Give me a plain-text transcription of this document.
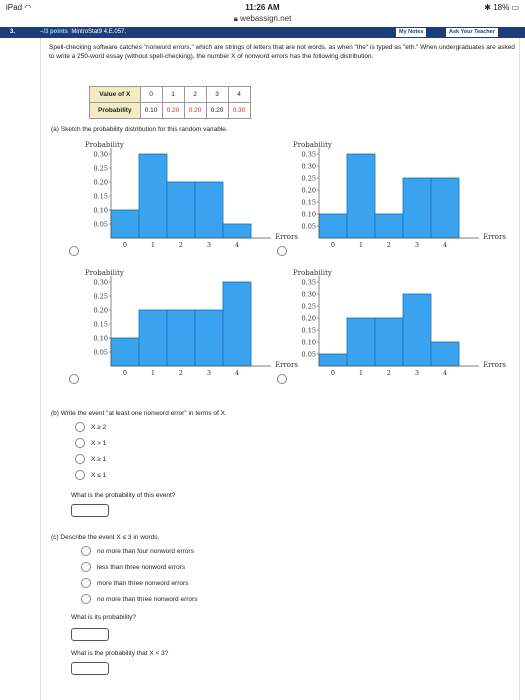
iPad ◠	11:26 AM	✱ 18% ▭
🔒︎ webassign.net
3.	–/3 points MintroStat9 4.E.057.	My Notes	Ask Your Teacher
Spell-checking software catches "nonword errors," which are strings of letters that are not words, as when "the" is typed as "eth." When undergraduates are asked to write a 250-word essay (without spell-checking), the number X of nonword errors has the following distribution.
Value of X	0	1	2	3	4
Probability	0.10	0.20	0.20	0.20	0.30
(a) Sketch the probability distribution for this random variable.
Probability
0.05
0.10
0.15
0.20
0.25
0.30
0	1	2	3	4
Errors
Probability
0.05
0.10
0.15
0.20
0.25
0.30
0.35
0	1	2	3	4
Errors
Probability
0.05
0.10
0.15
0.20
0.25
0.30
0	1	2	3	4
Errors
Probability
0.05
0.10
0.15
0.20
0.25
0.30
0.35
0	1	2	3	4
Errors
(b) Write the event "at least one nonword error" in terms of X.
X ≥ 2
X > 1
X ≥ 1
X ≤ 1
What is the probability of this event?
(c) Describe the event X ≤ 3 in words.
no more than four nonword errors
less than three nonword errors
more than three nonword errors
no more than three nonword errors
What is its probability?
What is the probability that X < 3?
